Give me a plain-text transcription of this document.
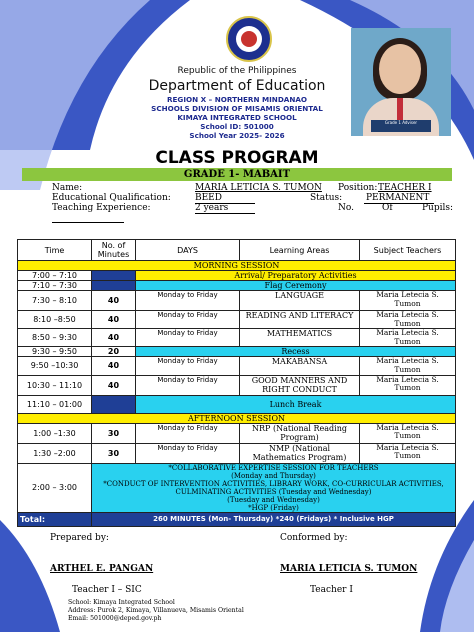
Grade 1 Adviser
Republic of the Philippines
Department of Education
REGION X – NORTHERN MINDANAO
SCHOOLS DIVISION OF MISAMIS ORIENTAL
KIMAYA INTEGRATED SCHOOL
School ID: 501000
School Year 2025- 2026
CLASS PROGRAM
GRADE 1- MABAIT
Name:	MARIA LETICIA S. TUMON Position: TEACHER I
Educational Qualification:	BEED	Status:	PERMANENT
Teaching Experience:	2 years	No.	Of	Pupils:
Time	No. of Minutes	DAYS	Learning Areas	Subject Teachers
MORNING SESSION				
7:00 – 7:10		Arrival/ Preparatory Activities		
7:10 – 7:30		Flag Ceremony		
7:30 – 8:10	40	Monday to Friday	LANGUAGE	Maria Letecia S. Tumon
8:10 –8:50	40	Monday to Friday	READING AND LITERACY	Maria Letecia S. Tumon
8:50 – 9:30	40	Monday to Friday	MATHEMATICS	Maria Letecia S. Tumon
9:30 – 9:50	20	Recess		
9:50 –10:30	40	Monday to Friday	MAKABANSA	Maria Letecia S. Tumon
10:30 – 11:10	40	Monday to Friday	GOOD MANNERS AND RIGHT CONDUCT	Maria Letecia S. Tumon
11:10 – 01:00		Lunch Break		
AFTERNOON SESSION				
1:00 –1:30	30	Monday to Friday	NRP (National Reading Program)	Maria Letecia S. Tumon
1:30 –2:00	30	Monday to Friday	NMP (National Mathematics Program)	Maria Letecia S. Tumon
2:00 – 3:00	*COLLABORATIVE EXPERTISE SESSION FOR TEACHERS
(Monday and Thursday)
*CONDUCT OF INTERVENTION ACTIVITIES, LIBRARY WORK, CO-CURRICULAR ACTIVITIES, CULMINATING ACTIVITIES (Tuesday and Wednesday)
(Tuesday and Wednesday)
*HGP (Friday)			

Total:	260 MINUTES (Mon- Thursday) *240 (Fridays) * Inclusive HGP			
Prepared by:	Conformed by:
ARTHEL E. PANGAN	MARIA LETICIA S. TUMON
Teacher I – SIC	Teacher I
School: Kimaya Integrated School
Address: Purok 2, Kimaya, Villanueva, Misamis Oriental
Email: 501000@deped.gov.ph
